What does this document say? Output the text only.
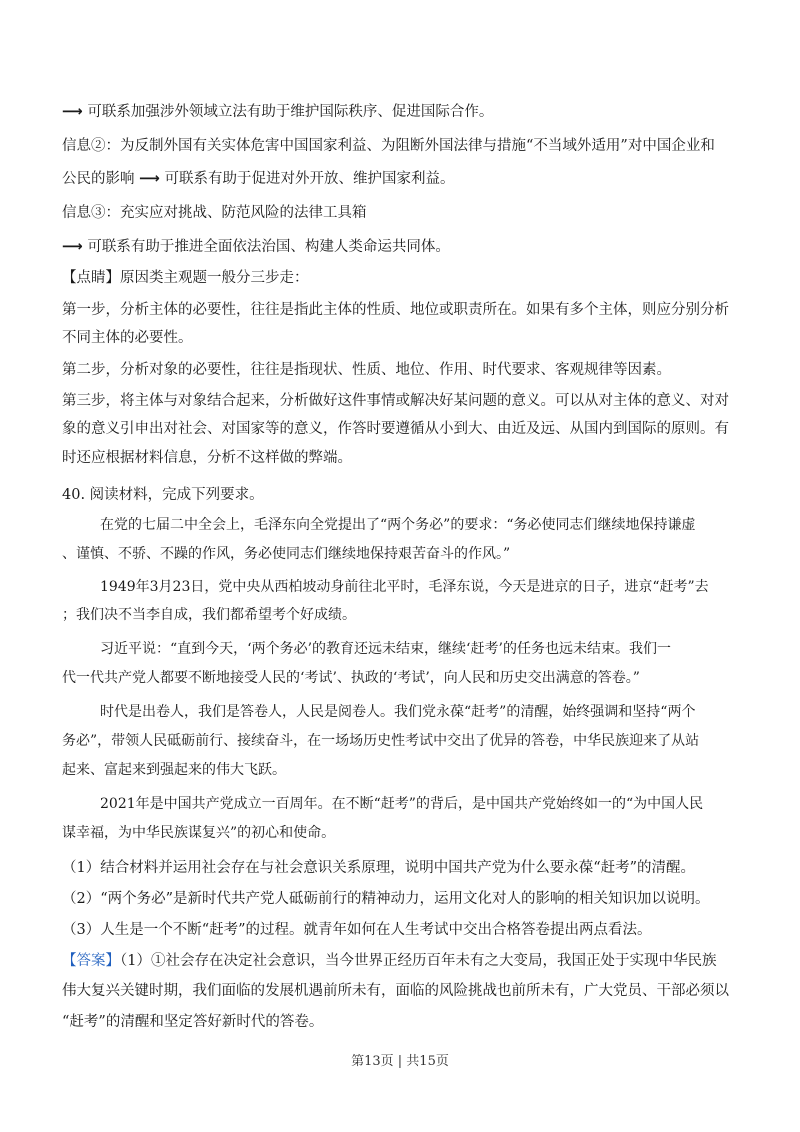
⟶ 可联系加强涉外领域立法有助于维护国际秩序、促进国际合作。
信息②：为反制外国有关实体危害中国国家利益、为阻断外国法律与措施“不当域外适用”对中国企业和
公民的影响 ⟶ 可联系有助于促进对外开放、维护国家利益。
信息③：充实应对挑战、防范风险的法律工具箱
⟶ 可联系有助于推进全面依法治国、构建人类命运共同体。
【点睛】原因类主观题一般分三步走：
第一步，分析主体的必要性，往往是指此主体的性质、地位或职责所在。如果有多个主体，则应分别分析
不同主体的必要性。
第二步，分析对象的必要性，往往是指现状、性质、地位、作用、时代要求、客观规律等因素。
第三步，将主体与对象结合起来，分析做好这件事情或解决好某问题的意义。可以从对主体的意义、对对
象的意义引申出对社会、对国家等的意义，作答时要遵循从小到大、由近及远、从国内到国际的原则。有
时还应根据材料信息，分析不这样做的弊端。
40. 阅读材料，完成下列要求。
在党的七届二中全会上，毛泽东向全党提出了“两个务必”的要求：“务必使同志们继续地保持谦虚
、谨慎、不骄、不躁的作风，务必使同志们继续地保持艰苦奋斗的作风。”
1949年3月23日，党中央从西柏坡动身前往北平时，毛泽东说，今天是进京的日子，进京“赶考”去
；我们决不当李自成，我们都希望考个好成绩。
习近平说：“直到今天，‘两个务必’的教育还远未结束，继续‘赶考’的任务也远未结束。我们一
代一代共产党人都要不断地接受人民的‘考试’、执政的‘考试’，向人民和历史交出满意的答卷。”
时代是出卷人，我们是答卷人，人民是阅卷人。我们党永葆“赶考”的清醒，始终强调和坚持“两个
务必”，带领人民砥砺前行、接续奋斗，在一场场历史性考试中交出了优异的答卷，中华民族迎来了从站
起来、富起来到强起来的伟大飞跃。
2021年是中国共产党成立一百周年。在不断“赶考”的背后，是中国共产党始终如一的“为中国人民
谋幸福，为中华民族谋复兴”的初心和使命。
（1）结合材料并运用社会存在与社会意识关系原理，说明中国共产党为什么要永葆“赶考”的清醒。
（2）“两个务必”是新时代共产党人砥砺前行的精神动力，运用文化对人的影响的相关知识加以说明。
（3）人生是一个不断“赶考”的过程。就青年如何在人生考试中交出合格答卷提出两点看法。
【答案】（1）①社会存在决定社会意识，当今世界正经历百年未有之大变局，我国正处于实现中华民族
伟大复兴关键时期，我们面临的发展机遇前所未有，面临的风险挑战也前所未有，广大党员、干部必须以
“赶考”的清醒和坚定答好新时代的答卷。
第13页 | 共15页
